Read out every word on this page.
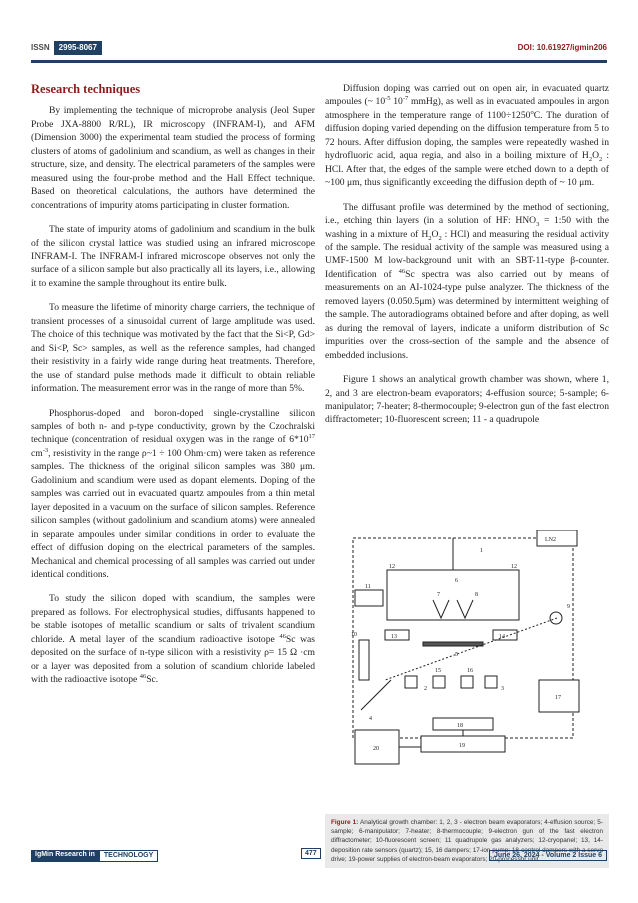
ISSN	2995-8067	DOI: 10.61927/igmin206
Research techniques

By implementing the technique of microprobe analysis (Jeol Super Probe JXA-8800 R/RL), IR microscopy (INFRAM-I), and AFM (Dimension 3000) the experimental team studied the process of forming clusters of atoms of gadolinium and scandium, as well as changes in their structure, size, and density. The electrical parameters of the samples were measured using the four-probe method and the Hall Effect technique. Based on theoretical calculations, the authors have determined the concentrations of impurity atoms participating in cluster formation.

The state of impurity atoms of gadolinium and scandium in the bulk of the silicon crystal lattice was studied using an infrared microscope INFRAM-I. The INFRAM-I infrared microscope observes not only the surface of a silicon sample but also practically all its layers, i.e., allowing it to examine the sample throughout its entire bulk.

To measure the lifetime of minority charge carriers, the technique of transient processes of a sinusoidal current of large amplitude was used. The choice of this technique was motivated by the fact that the Si<P, Gd> and Si<P, Sc> samples, as well as the reference samples, had changed their resistivity in a fairly wide range during heat treatments. Therefore, the use of standard pulse methods made it difficult to obtain reliable information. The measurement error was in the range of more than 5%.

Phosphorus-doped and boron-doped single-crystalline silicon samples of both n- and p-type conductivity, grown by the Czochralski technique (concentration of residual oxygen was in the range of $6*10^{17}$ $cm^{-3}$, resistivity in the range ρ~1 ÷ 100 Ohm·cm) were taken as reference samples. The thickness of the original silicon samples was 380 μm. Gadolinium and scandium were used as dopant elements. Doping of the samples was carried out in evacuated quartz ampoules from a thin metal layer deposited in a vacuum on the surface of silicon samples. Reference silicon samples (without gadolinium and scandium atoms) were annealed in separate ampoules under similar conditions in order to evaluate the effect of diffusion doping on the electrical parameters of the samples. Mechanical and chemical processing of all samples was carried out under identical conditions.

To study the silicon doped with scandium, the samples were prepared as follows. For electrophysical studies, diffusants happened to be stable isotopes of metallic scandium or salts of trivalent scandium chloride. A metal layer of the scandium radioactive isotope $^{46}$Sc was deposited on the surface of n-type silicon with a resistivity ρ= 15 Ω ·cm or a layer was deposited from a solution of scandium chloride labeled with the radioactive isotope $^{46}$Sc.

Diffusion doping was carried out on open air, in evacuated quartz ampoules (~ $10^{-5}$ $10^{-7}$ mmHg), as well as in evacuated ampoules in argon atmosphere in the temperature range of $1100\div 1250^oC$. The duration of diffusion doping varied depending on the diffusion temperature from 5 to 72 hours. After diffusion doping, the samples were repeatedly washed in hydrofluoric acid, aqua regia, and also in a boiling mixture of $H_2O_2$ : HCl. After that, the edges of the sample were etched down to a depth of ~100 μm, thus significantly exceeding the diffusion depth of ~ 10 μm.

The diffusant profile was determined by the method of sectioning, i.e., etching thin layers (in a solution of HF: $HNO_3$ = 1:50 with the washing in a mixture of $H_2O_2$ : HCl) and measuring the residual activity of the sample. The residual activity of the sample was measured using a UMF-1500 M low-background unit with an SBT-11-type β-counter. Identification of $^{46}$Sc spectra was also carried out by means of measurements on an AI-1024-type pulse analyzer. The thickness of the removed layers (0.050.5μm) was determined by intermittent weighing of the sample. The autoradiograms obtained before and after doping, as well as during the removal of layers, indicate a uniform distribution of Sc impurities over the cross-section of the sample and the absence of embedded inclusions.

Figure 1 shows an analytical growth chamber was shown, where 1, 2, and 3 are electron-beam evaporators; 4-effusion source; 5-sample; 6-manipulator; 7-heater; 8-thermocouple; 9-electron gun of the fast electron diffractometer; 10-fluorescent screen; 11 - a quadrupole

LN2
1
2	3
4
5
6
7	8
9
10
11
12	12
13	14
15	16
17
18
19
20
Figure 1: Analytical growth chamber: 1, 2, 3 - electron beam evaporators; 4-effusion source; 5-sample; 6-manipulator; 7-heater; 8-thermocouple; 9-electron gun of the fast electron diffractometer; 10-fluorescent screen; 11 quadrupole gas analyzers; 12-cryopanel; 13, 14- deposition rate sensors (quartz); 15, 16 dampers; 17-ion pump; 18-control dampers with a servo drive; 19-power supplies of electron-beam evaporators; 20-processor unit.
IgMin Research in	TECHNOLOGY	477	June 26, 2024 - Volume 2 Issue 6
